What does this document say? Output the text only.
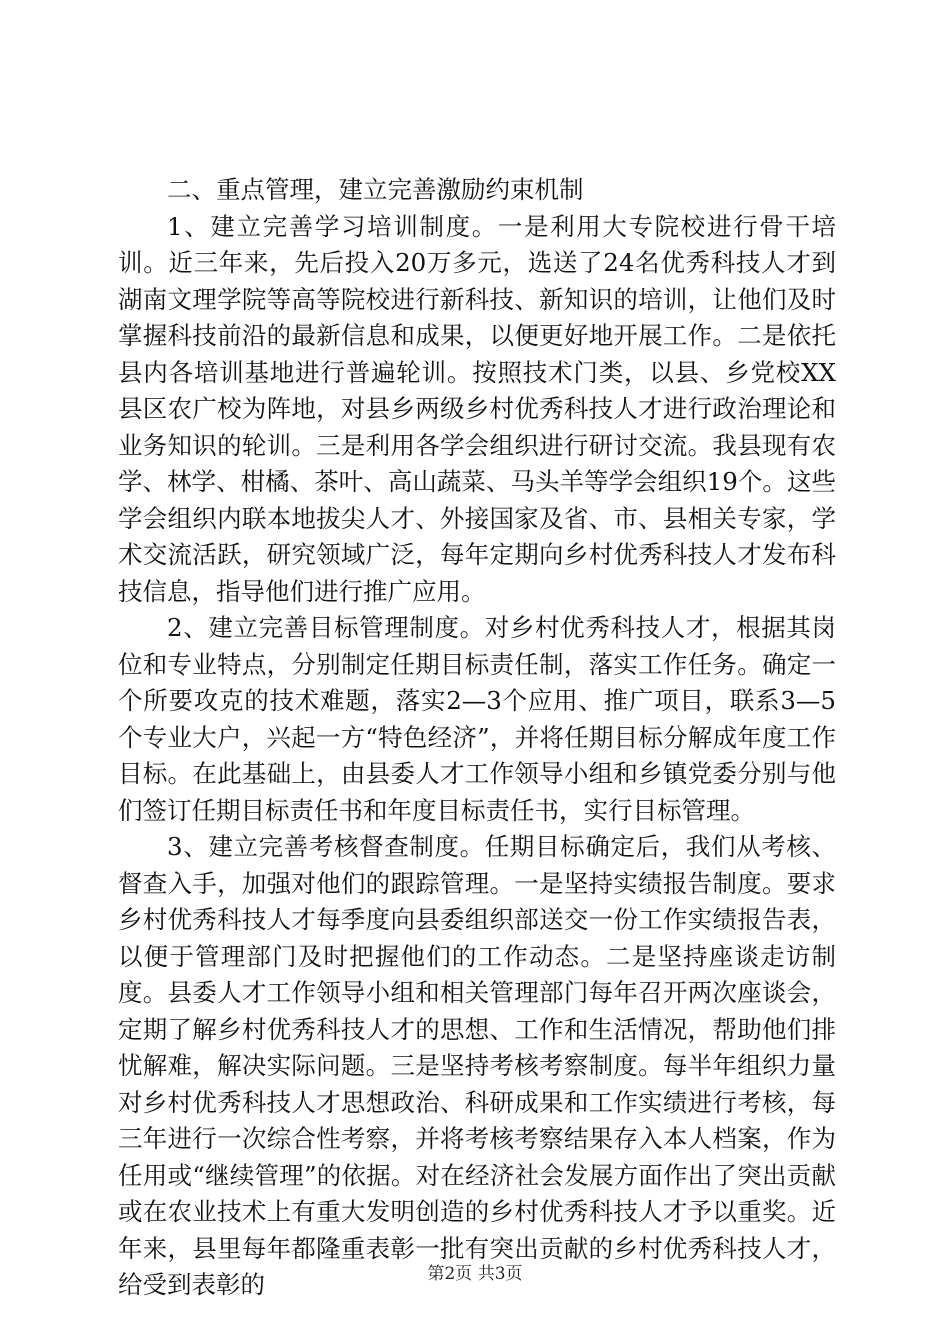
二、重点管理，建立完善激励约束机制

1、建立完善学习培训制度。一是利用大专院校进行骨干培训。近三年来，先后投入20万多元，选送了24名优秀科技人才到湖南文理学院等高等院校进行新科技、新知识的培训，让他们及时掌握科技前沿的最新信息和成果，以便更好地开展工作。二是依托县内各培训基地进行普遍轮训。按照技术门类，以县、乡党校XX县区农广校为阵地，对县乡两级乡村优秀科技人才进行政治理论和业务知识的轮训。三是利用各学会组织进行研讨交流。我县现有农学、林学、柑橘、茶叶、高山蔬菜、马头羊等学会组织19个。这些学会组织内联本地拔尖人才、外接国家及省、市、县相关专家，学术交流活跃，研究领域广泛，每年定期向乡村优秀科技人才发布科技信息，指导他们进行推广应用。

2、建立完善目标管理制度。对乡村优秀科技人才，根据其岗位和专业特点，分别制定任期目标责任制，落实工作任务。确定一个所要攻克的技术难题，落实2—3个应用、推广项目，联系3—5个专业大户，兴起一方“特色经济”，并将任期目标分解成年度工作目标。在此基础上，由县委人才工作领导小组和乡镇党委分别与他们签订任期目标责任书和年度目标责任书，实行目标管理。

3、建立完善考核督查制度。任期目标确定后，我们从考核、督查入手，加强对他们的跟踪管理。一是坚持实绩报告制度。要求乡村优秀科技人才每季度向县委组织部送交一份工作实绩报告表，以便于管理部门及时把握他们的工作动态。二是坚持座谈走访制度。县委人才工作领导小组和相关管理部门每年召开两次座谈会，定期了解乡村优秀科技人才的思想、工作和生活情况，帮助他们排忧解难，解决实际问题。三是坚持考核考察制度。每半年组织力量对乡村优秀科技人才思想政治、科研成果和工作实绩进行考核，每三年进行一次综合性考察，并将考核考察结果存入本人档案，作为任用或“继续管理”的依据。对在经济社会发展方面作出了突出贡献或在农业技术上有重大发明创造的乡村优秀科技人才予以重奖。近年来，县里每年都隆重表彰一批有突出贡献的乡村优秀科技人才，给受到表彰的	第2页 共3页
